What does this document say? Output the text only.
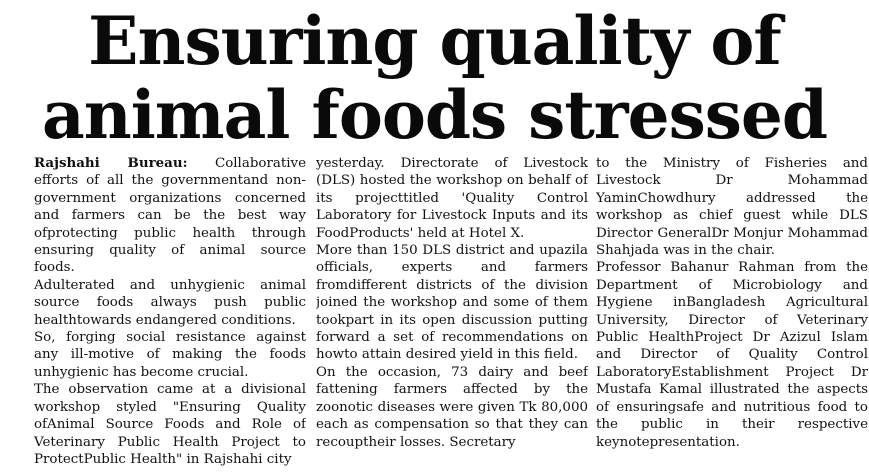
Ensuring quality of
animal foods stressed

Rajshahi Bureau: Collaborative efforts of all the governmentand non-government organizations concerned and farmers can be the best way ofprotecting public health through ensuring quality of animal source foods.

Adulterated and unhygienic animal source foods always push public healthtowards endangered conditions.

So, forging social resistance against any ill-motive of making the foods unhygienic has become crucial.

The observation came at a divisional workshop styled "Ensuring Quality ofAnimal Source Foods and Role of Veterinary Public Health Project to ProtectPublic Health" in Rajshahi city

yesterday. Directorate of Livestock (DLS) hosted the workshop on behalf of its projecttitled 'Quality Control Laboratory for Livestock Inputs and its FoodProducts' held at Hotel X.

More than 150 DLS district and upazila officials, experts and farmers fromdifferent districts of the division joined the workshop and some of them tookpart in its open discussion putting forward a set of recommendations on howto attain desired yield in this field.

On the occasion, 73 dairy and beef fattening farmers affected by the zoonotic diseases were given Tk 80,000 each as compensation so that they can recouptheir losses. Secretary

to the Ministry of Fisheries and Livestock Dr Mohammad YaminChowdhury addressed the workshop as chief guest while DLS Director GeneralDr Monjur Mohammad Shahjada was in the chair.

Professor Bahanur Rahman from the Department of Microbiology and Hygiene inBangladesh Agricultural University, Director of Veterinary Public HealthProject Dr Azizul Islam and Director of Quality Control LaboratoryEstablishment Project Dr Mustafa Kamal illustrated the aspects of ensuringsafe and nutritious food to the public in their respective keynotepresentation.
